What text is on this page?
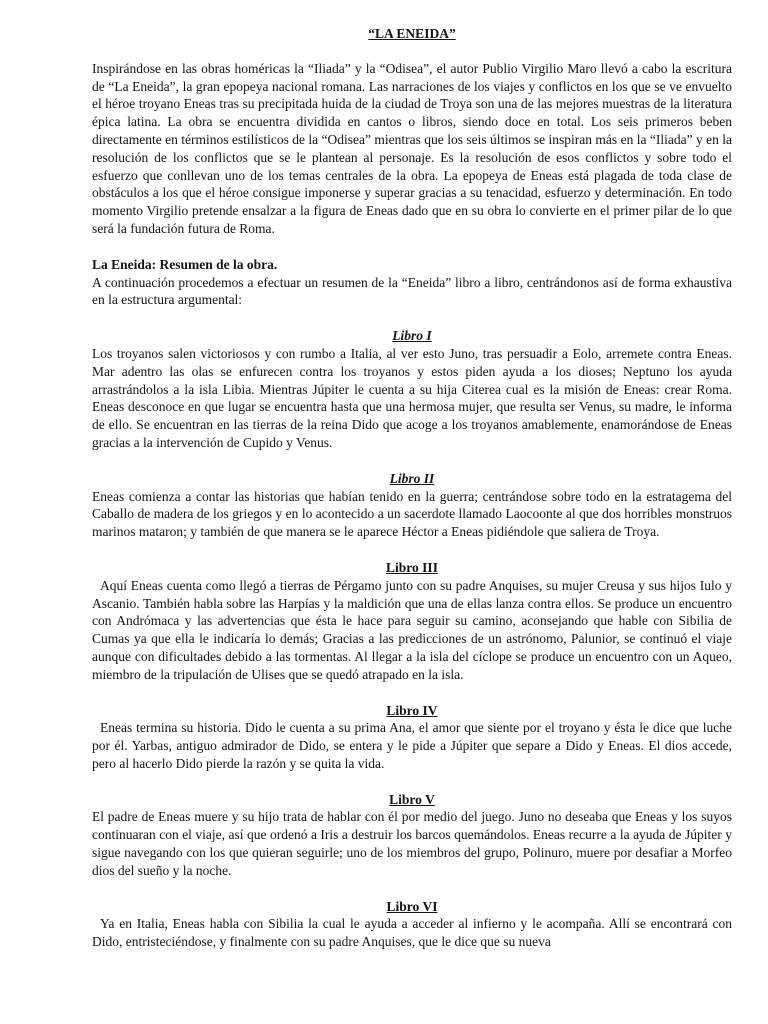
“LA ENEIDA”

Inspirándose en las obras homéricas la “Iliada” y la “Odisea”, el autor Publio Virgilio Maro llevó a cabo la escritura de “La Eneida”, la gran epopeya nacional romana. Las narraciones de los viajes y conflictos en los que se ve envuelto el héroe troyano Eneas tras su precipitada huida de la ciudad de Troya son una de las mejores muestras de la literatura épica latina. La obra se encuentra dividida en cantos o libros, siendo doce en total. Los seis primeros beben directamente en términos estilísticos de la “Odisea” mientras que los seis últimos se inspiran más en la “Iliada” y en la resolución de los conflictos que se le plantean al personaje. Es la resolución de esos conflictos y sobre todo el esfuerzo que conllevan uno de los temas centrales de la obra. La epopeya de Eneas está plagada de toda clase de obstáculos a los que el héroe consigue imponerse y superar gracias a su tenacidad, esfuerzo y determinación. En todo momento Virgilio pretende ensalzar a la figura de Eneas dado que en su obra lo convierte en el primer pilar de lo que será la fundación futura de Roma.

La Eneida: Resumen de la obra.

A continuación procedemos a efectuar un resumen de la “Eneida” libro a libro, centrándonos así de forma exhaustiva en la estructura argumental:

Libro I

Los troyanos salen victoriosos y con rumbo a Italia, al ver esto Juno, tras persuadir a Eolo, arremete contra Eneas. Mar adentro las olas se enfurecen contra los troyanos y estos piden ayuda a los dioses; Neptuno los ayuda arrastrándolos a la isla Libia. Mientras Júpiter le cuenta a su hija Citerea cual es la misión de Eneas: crear Roma. Eneas desconoce en que lugar se encuentra hasta que una hermosa mujer, que resulta ser Venus, su madre, le informa de ello. Se encuentran en las tierras de la reina Dido que acoge a los troyanos amablemente, enamorándose de Eneas gracias a la intervención de Cupido y Venus.

Libro II

Eneas comienza a contar las historias que habían tenido en la guerra; centrándose sobre todo en la estratagema del Caballo de madera de los griegos y en lo acontecido a un sacerdote llamado Laocoonte al que dos horribles monstruos marinos mataron; y también de que manera se le aparece Héctor a Eneas pidiéndole que saliera de Troya.

Libro III

Aquí Eneas cuenta como llegó a tierras de Pérgamo junto con su padre Anquises, su mujer Creusa y sus hijos Iulo y Ascanio. También habla sobre las Harpías y la maldición que una de ellas lanza contra ellos. Se produce un encuentro con Andrómaca y las advertencias que ésta le hace para seguir su camino, aconsejando que hable con Sibilia de Cumas ya que ella le indicaría lo demás; Gracias a las predicciones de un astrónomo, Palunior, se continuó el viaje aunque con dificultades debido a las tormentas. Al llegar a la isla del cíclope se produce un encuentro con un Aqueo, miembro de la tripulación de Ulises que se quedó atrapado en la isla.

Libro IV

Eneas termina su historia. Dido le cuenta a su prima Ana, el amor que siente por el troyano y ésta le dice que luche por él. Yarbas, antiguo admirador de Dido, se entera y le pide a Júpiter que separe a Dido y Eneas. El dios accede, pero al hacerlo Dido pierde la razón y se quita la vida.

Libro V

El padre de Eneas muere y su hijo trata de hablar con él por medio del juego. Juno no deseaba que Eneas y los suyos continuaran con el viaje, así que ordenó a Iris a destruir los barcos quemándolos. Eneas recurre a la ayuda de Júpiter y sigue navegando con los que quieran seguirle; uno de los miembros del grupo, Polinuro, muere por desafiar a Morfeo dios del sueño y la noche.

Libro VI

Ya en Italia, Eneas habla con Sibilia la cual le ayuda a acceder al infierno y le acompaña. Allí se encontrará con Dido, entristeciéndose, y finalmente con su padre Anquises, que le dice que su nueva
